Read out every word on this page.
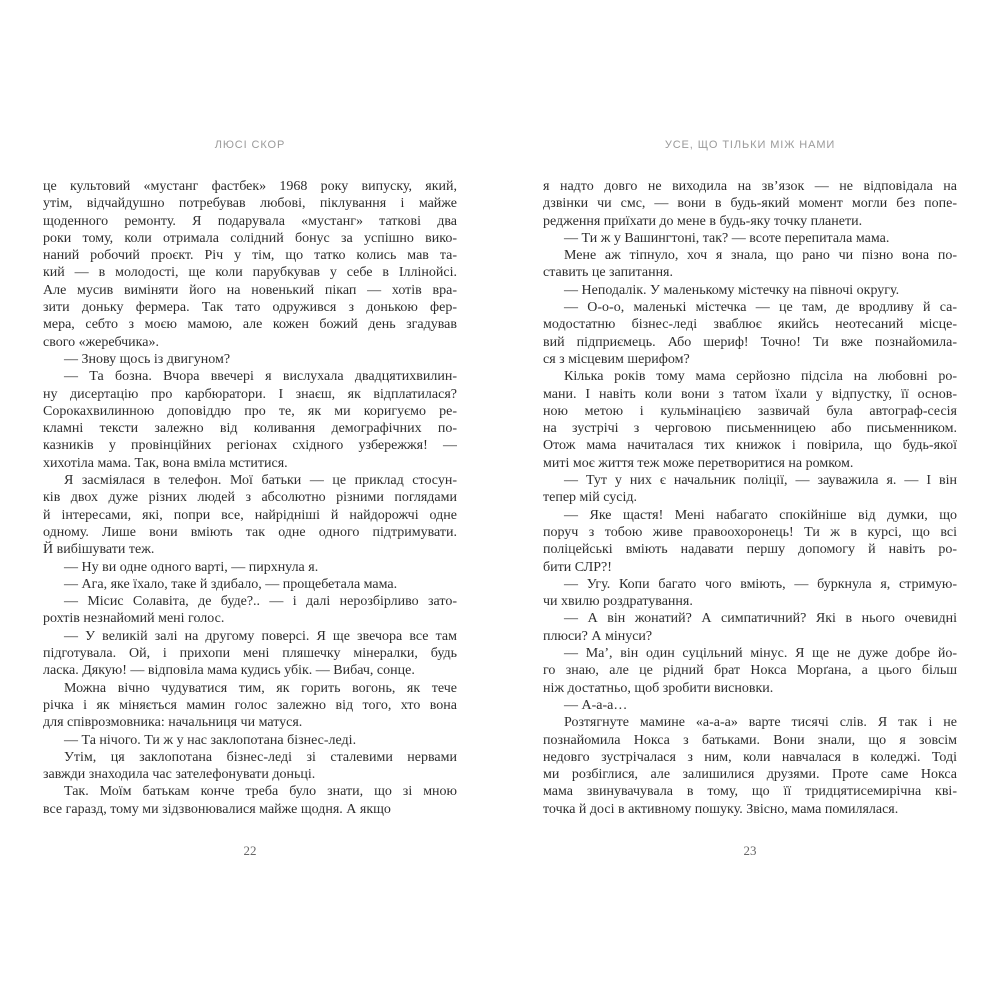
ЛЮСІ СКОР
це культовий «мустанг фастбек» 1968 року випуску, який,
утім, відчайдушно потребував любові, піклування і майже
щоденного ремонту. Я подарувала «мустанг» таткові два
роки тому, коли отримала солідний бонус за успішно вико-
наний робочий проєкт. Річ у тім, що татко колись мав та-
кий — в молодості, ще коли парубкував у себе в Іллінойсі.
Але мусив виміняти його на новенький пікап — хотів вра-
зити доньку фермера. Так тато одружився з донькою фер-
мера, себто з моєю мамою, але кожен божий день згадував
свого «жеребчика».
— Знову щось із двигуном?
— Та бозна. Вчора ввечері я вислухала двадцятихвилин-
ну дисертацію про карбюратори. І знаєш, як відплатилася?
Сорокахвилинною доповіддю про те, як ми коригуємо ре-
кламні тексти залежно від коливання демографічних по-
казників у провінційних регіонах східного узбережжя! —
хихотіла мама. Так, вона вміла мститися.
Я засміялася в телефон. Мої батьки — це приклад стосун-
ків двох дуже різних людей з абсолютно різними поглядами
й інтересами, які, попри все, найрідніші й найдорожчі одне
одному. Лише вони вміють так одне одного підтримувати.
Й вибішувати теж.
— Ну ви одне одного варті, — пирхнула я.
— Ага, яке їхало, таке й здибало, — прощебетала мама.
— Місис Солавіта, де буде?.. — і далі нерозбірливо зато-
рохтів незнайомий мені голос.
— У великій залі на другому поверсі. Я ще звечора все там
підготувала. Ой, і прихопи мені пляшечку мінералки, будь
ласка. Дякую! — відповіла мама кудись убік. — Вибач, сонце.
Можна вічно чудуватися тим, як горить вогонь, як тече
річка і як міняється мамин голос залежно від того, хто вона
для співрозмовника: начальниця чи матуся.
— Та нічого. Ти ж у нас заклопотана бізнес-леді.
Утім, ця заклопотана бізнес-леді зі сталевими нервами
завжди знаходила час зателефонувати доньці.
Так. Моїм батькам конче треба було знати, що зі мною
все гаразд, тому ми зідзвонювалися майже щодня. А якщо
22
УСЕ, ЩО ТІЛЬКИ МІЖ НАМИ
я надто довго не виходила на зв’язок — не відповідала на
дзвінки чи смс, — вони в будь-який момент могли без попе-
редження приїхати до мене в будь-яку точку планети.
— Ти ж у Вашингтоні, так? — всоте перепитала мама.
Мене аж тіпнуло, хоч я знала, що рано чи пізно вона по-
ставить це запитання.
— Неподалік. У маленькому містечку на півночі округу.
— О-о-о, маленькі містечка — це там, де вродливу й са-
модостатню бізнес-леді зваблює якийсь неотесаний місце-
вий підприємець. Або шериф! Точно! Ти вже познайомила-
ся з місцевим шерифом?
Кілька років тому мама серйозно підсіла на любовні ро-
мани. І навіть коли вони з татом їхали у відпустку, її основ-
ною метою і кульмінацією зазвичай була автограф-сесія
на зустрічі з черговою письменницею або письменником.
Отож мама начиталася тих книжок і повірила, що будь-якої
миті моє життя теж може перетворитися на ромком.
— Тут у них є начальник поліції, — зауважила я. — І він
тепер мій сусід.
— Яке щастя! Мені набагато спокійніше від думки, що
поруч з тобою живе правоохоронець! Ти ж в курсі, що всі
поліцейські вміють надавати першу допомогу й навіть ро-
бити СЛР?!
— Угу. Копи багато чого вміють, — буркнула я, стримую-
чи хвилю роздратування.
— А він жонатий? А симпатичний? Які в нього очевидні
плюси? А мінуси?
— Ма’, він один суцільний мінус. Я ще не дуже добре йо-
го знаю, але це рідний брат Нокса Морґана, а цього більш
ніж достатньо, щоб зробити висновки.
— А-а-а…
Розтягнуте мамине «а-а-а» варте тисячі слів. Я так і не
познайомила Нокса з батьками. Вони знали, що я зовсім
недовго зустрічалася з ним, коли навчалася в коледжі. Тоді
ми розбіглися, але залишилися друзями. Проте саме Нокса
мама звинувачувала в тому, що її тридцятисемирічна кві-
точка й досі в активному пошуку. Звісно, мама помилялася.
23
